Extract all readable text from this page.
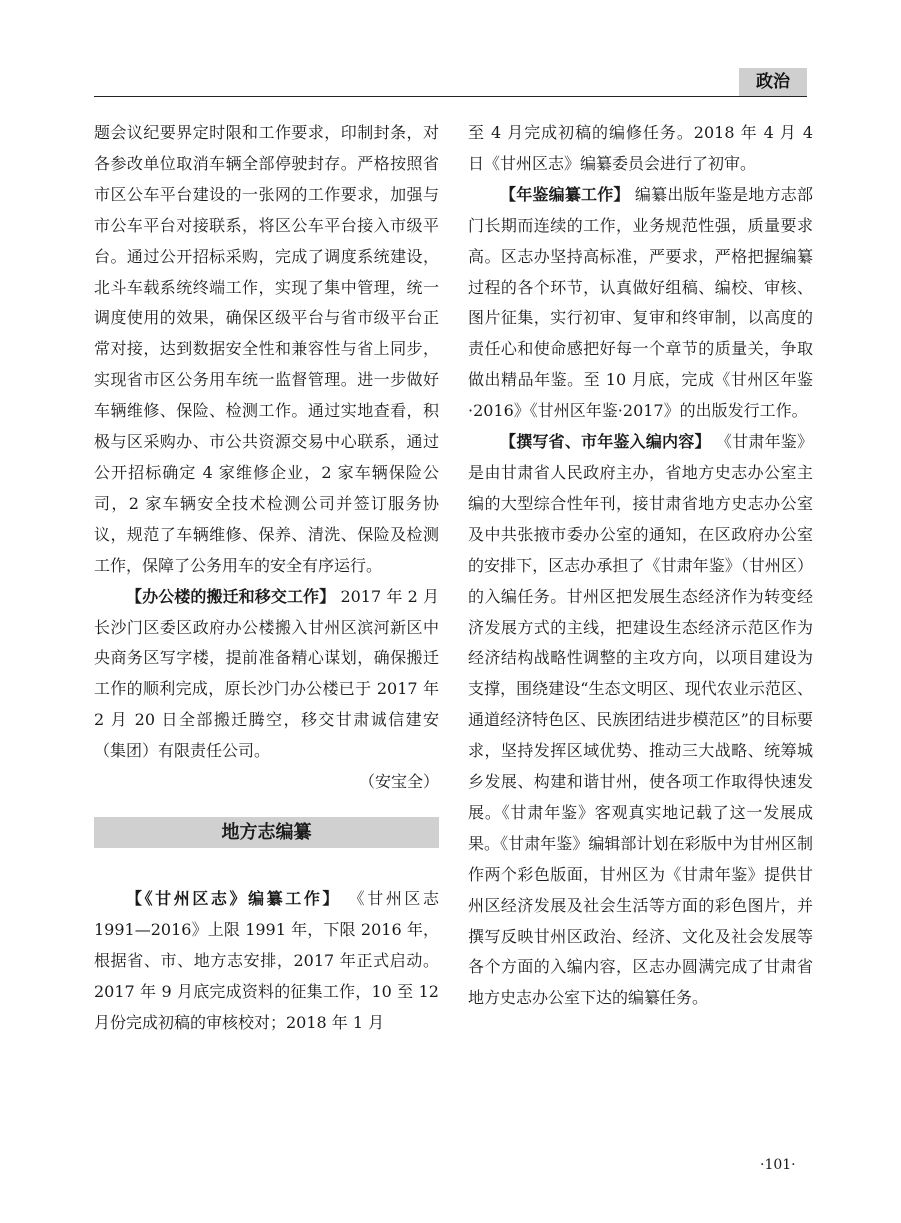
政治

题会议纪要界定时限和工作要求，印制封条，对各参改单位取消车辆全部停驶封存。严格按照省市区公车平台建设的一张网的工作要求，加强与市公车平台对接联系，将区公车平台接入市级平台。通过公开招标采购，完成了调度系统建设，北斗车载系统终端工作，实现了集中管理，统一调度使用的效果，确保区级平台与省市级平台正常对接，达到数据安全性和兼容性与省上同步，实现省市区公务用车统一监督管理。进一步做好车辆维修、保险、检测工作。通过实地查看，积极与区采购办、市公共资源交易中心联系，通过公开招标确定 4 家维修企业，2 家车辆保险公司，2 家车辆安全技术检测公司并签订服务协议，规范了车辆维修、保养、清洗、保险及检测工作，保障了公务用车的安全有序运行。

【办公楼的搬迁和移交工作】 2017 年 2 月长沙门区委区政府办公楼搬入甘州区滨河新区中央商务区写字楼，提前准备精心谋划，确保搬迁工作的顺利完成，原长沙门办公楼已于 2017 年 2 月 20 日全部搬迁腾空，移交甘肃诚信建安（集团）有限责任公司。

（安宝全）

地方志编纂

【《甘州区志》编纂工作】 《甘州区志 1991—2016》上限 1991 年，下限 2016 年，根据省、市、地方志安排，2017 年正式启动。2017 年 9 月底完成资料的征集工作，10 至 12 月份完成初稿的审核校对；2018 年 1 月

至 4 月完成初稿的编修任务。2018 年 4 月 4 日《甘州区志》编纂委员会进行了初审。

【年鉴编纂工作】 编纂出版年鉴是地方志部门长期而连续的工作，业务规范性强，质量要求高。区志办坚持高标准，严要求，严格把握编纂过程的各个环节，认真做好组稿、编校、审核、图片征集，实行初审、复审和终审制，以高度的责任心和使命感把好每一个章节的质量关，争取做出精品年鉴。至 10 月底，完成《甘州区年鉴·2016》《甘州区年鉴·2017》的出版发行工作。

【撰写省、市年鉴入编内容】 《甘肃年鉴》是由甘肃省人民政府主办，省地方史志办公室主编的大型综合性年刊，接甘肃省地方史志办公室及中共张掖市委办公室的通知，在区政府办公室的安排下，区志办承担了《甘肃年鉴》（甘州区）的入编任务。甘州区把发展生态经济作为转变经济发展方式的主线，把建设生态经济示范区作为经济结构战略性调整的主攻方向，以项目建设为支撑，围绕建设“生态文明区、现代农业示范区、通道经济特色区、民族团结进步模范区”的目标要求，坚持发挥区域优势、推动三大战略、统筹城乡发展、构建和谐甘州，使各项工作取得快速发展。《甘肃年鉴》客观真实地记载了这一发展成果。《甘肃年鉴》编辑部计划在彩版中为甘州区制作两个彩色版面，甘州区为《甘肃年鉴》提供甘州区经济发展及社会生活等方面的彩色图片，并撰写反映甘州区政治、经济、文化及社会发展等各个方面的入编内容，区志办圆满完成了甘肃省地方史志办公室下达的编纂任务。

·101·
